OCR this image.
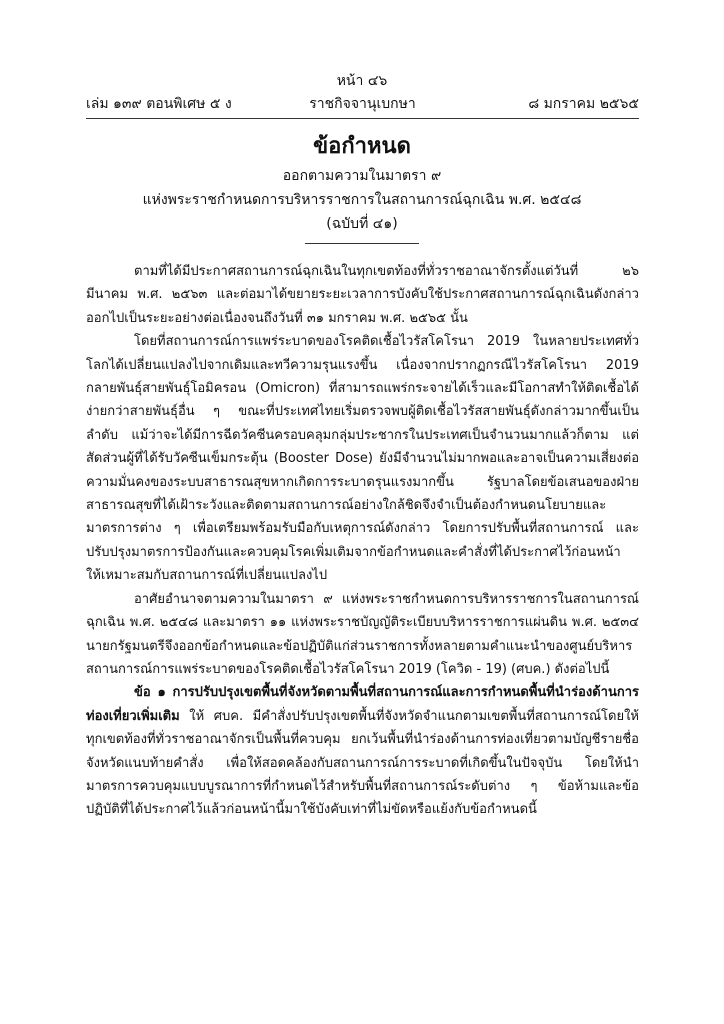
หน้า ๔๖
เล่ม ๑๓๙ ตอนพิเศษ ๕ ง	ราชกิจจานุเบกษา	๘ มกราคม ๒๕๖๕
ข้อกำหนด
ออกตามความในมาตรา ๙
แห่งพระราชกำหนดการบริหารราชการในสถานการณ์ฉุกเฉิน พ.ศ. ๒๕๔๘
(ฉบับที่ ๔๑)

ตามที่ได้มีประกาศสถานการณ์ฉุกเฉินในทุกเขตท้องที่ทั่วราชอาณาจักรตั้งแต่วันที่ ๒๖ มีนาคม พ.ศ. ๒๕๖๓ และต่อมาได้ขยายระยะเวลาการบังคับใช้ประกาศสถานการณ์ฉุกเฉินดังกล่าวออกไปเป็นระยะอย่างต่อเนื่องจนถึงวันที่ ๓๑ มกราคม พ.ศ. ๒๕๖๕ นั้น

โดยที่สถานการณ์การแพร่ระบาดของโรคติดเชื้อไวรัสโคโรนา 2019 ในหลายประเทศทั่วโลกได้เปลี่ยนแปลงไปจากเดิมและทวีความรุนแรงขึ้น เนื่องจากปรากฏกรณีไวรัสโคโรนา 2019 กลายพันธุ์สายพันธุ์โอมิครอน (Omicron) ที่สามารถแพร่กระจายได้เร็วและมีโอกาสทำให้ติดเชื้อได้ง่ายกว่าสายพันธุ์อื่น ๆ ขณะที่ประเทศไทยเริ่มตรวจพบผู้ติดเชื้อไวรัสสายพันธุ์ดังกล่าวมากขึ้นเป็นลำดับ แม้ว่าจะได้มีการฉีดวัคซีนครอบคลุมกลุ่มประชากรในประเทศเป็นจำนวนมากแล้วก็ตาม แต่สัดส่วนผู้ที่ได้รับวัคซีนเข็มกระตุ้น (Booster Dose) ยังมีจำนวนไม่มากพอและอาจเป็นความเสี่ยงต่อความมั่นคงของระบบสาธารณสุขหากเกิดการระบาดรุนแรงมากขึ้น รัฐบาลโดยข้อเสนอของฝ่ายสาธารณสุขที่ได้เฝ้าระวังและติดตามสถานการณ์อย่างใกล้ชิดจึงจำเป็นต้องกำหนดนโยบายและมาตรการต่าง ๆ เพื่อเตรียมพร้อมรับมือกับเหตุการณ์ดังกล่าว โดยการปรับพื้นที่สถานการณ์ และปรับปรุงมาตรการป้องกันและควบคุมโรคเพิ่มเติมจากข้อกำหนดและคำสั่งที่ได้ประกาศไว้ก่อนหน้า ให้เหมาะสมกับสถานการณ์ที่เปลี่ยนแปลงไป

อาศัยอำนาจตามความในมาตรา ๙ แห่งพระราชกำหนดการบริหารราชการในสถานการณ์ฉุกเฉิน พ.ศ. ๒๕๔๘ และมาตรา ๑๑ แห่งพระราชบัญญัติระเบียบบริหารราชการแผ่นดิน พ.ศ. ๒๕๓๔ นายกรัฐมนตรีจึงออกข้อกำหนดและข้อปฏิบัติแก่ส่วนราชการทั้งหลายตามคำแนะนำของศูนย์บริหารสถานการณ์การแพร่ระบาดของโรคติดเชื้อไวรัสโคโรนา 2019 (โควิด - 19) (ศบค.) ดังต่อไปนี้

ข้อ ๑ การปรับปรุงเขตพื้นที่จังหวัดตามพื้นที่สถานการณ์และการกำหนดพื้นที่นำร่องด้านการท่องเที่ยวเพิ่มเติม ให้ ศบค. มีคำสั่งปรับปรุงเขตพื้นที่จังหวัดจำแนกตามเขตพื้นที่สถานการณ์โดยให้ทุกเขตท้องที่ทั่วราชอาณาจักรเป็นพื้นที่ควบคุม ยกเว้นพื้นที่นำร่องด้านการท่องเที่ยวตามบัญชีรายชื่อจังหวัดแนบท้ายคำสั่ง เพื่อให้สอดคล้องกับสถานการณ์การระบาดที่เกิดขึ้นในปัจจุบัน โดยให้นำมาตรการควบคุมแบบบูรณาการที่กำหนดไว้สำหรับพื้นที่สถานการณ์ระดับต่าง ๆ ข้อห้ามและข้อปฏิบัติที่ได้ประกาศไว้แล้วก่อนหน้านี้มาใช้บังคับเท่าที่ไม่ขัดหรือแย้งกับข้อกำหนดนี้
